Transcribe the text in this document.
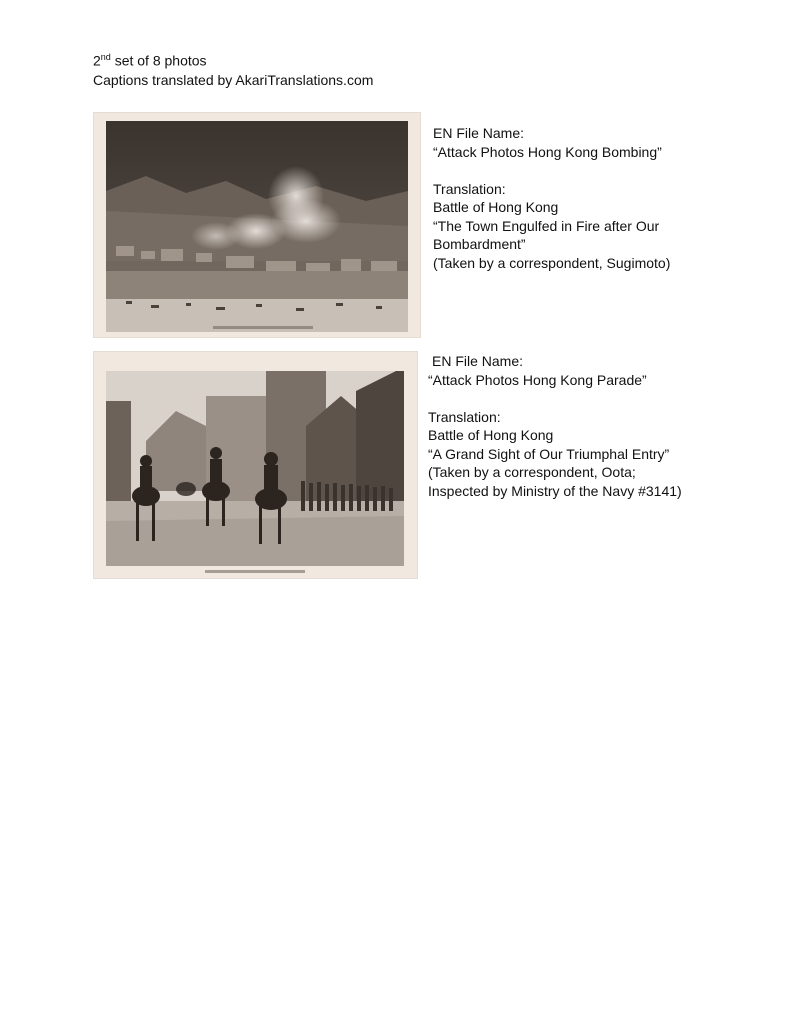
2nd set of 8 photos
Captions translated by AkariTranslations.com
EN File Name:
“Attack Photos Hong Kong Bombing”
Translation:
Battle of Hong Kong
“The Town Engulfed in Fire after Our
Bombardment”
(Taken by a correspondent, Sugimoto)
EN File Name:
“Attack Photos Hong Kong Parade”
Translation:
Battle of Hong Kong
“A Grand Sight of Our Triumphal Entry”
(Taken by a correspondent, Oota;
Inspected by Ministry of the Navy #3141)
